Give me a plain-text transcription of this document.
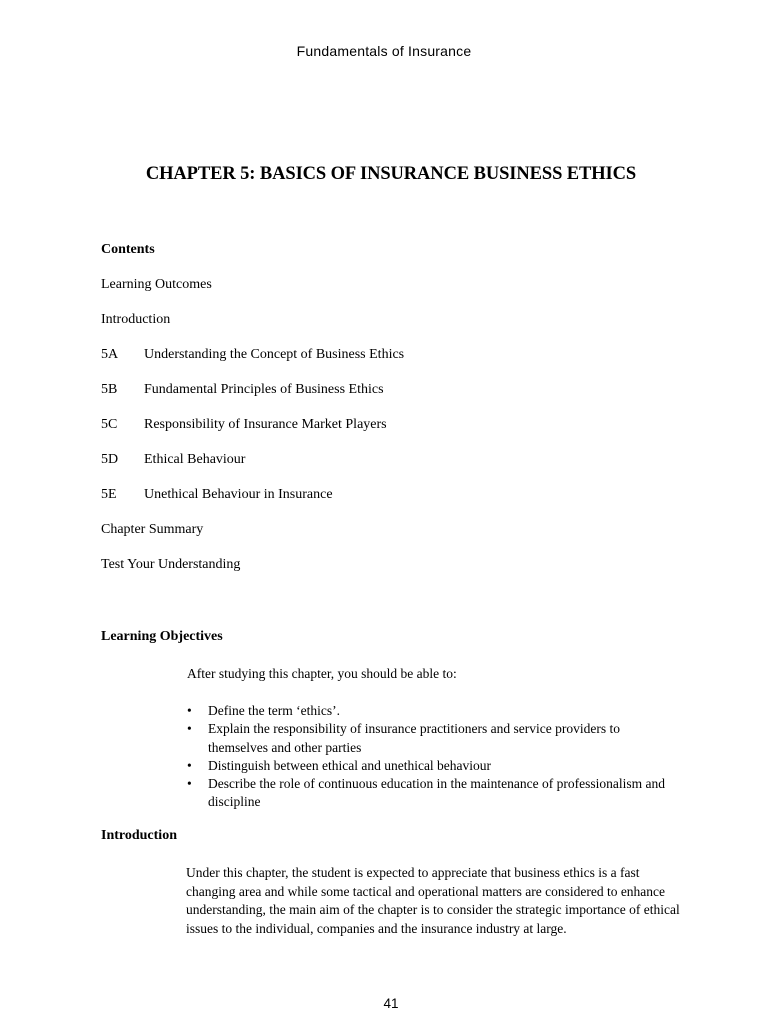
Fundamentals of Insurance
CHAPTER 5: BASICS OF INSURANCE BUSINESS ETHICS
Contents
Learning Outcomes
Introduction
5A Understanding the Concept of Business Ethics
5B Fundamental Principles of Business Ethics
5C Responsibility of Insurance Market Players
5D Ethical Behaviour
5E Unethical Behaviour in Insurance
Chapter Summary
Test Your Understanding
Learning Objectives
After studying this chapter, you should be able to:
• Define the term ‘ethics’.
• Explain the responsibility of insurance practitioners and service providers to themselves and other parties
• Distinguish between ethical and unethical behaviour
• Describe the role of continuous education in the maintenance of professionalism and discipline
Introduction

Under this chapter, the student is expected to appreciate that business ethics is a fast changing area and while some tactical and operational matters are considered to enhance understanding, the main aim of the chapter is to consider the strategic importance of ethical issues to the individual, companies and the insurance industry at large.

41
